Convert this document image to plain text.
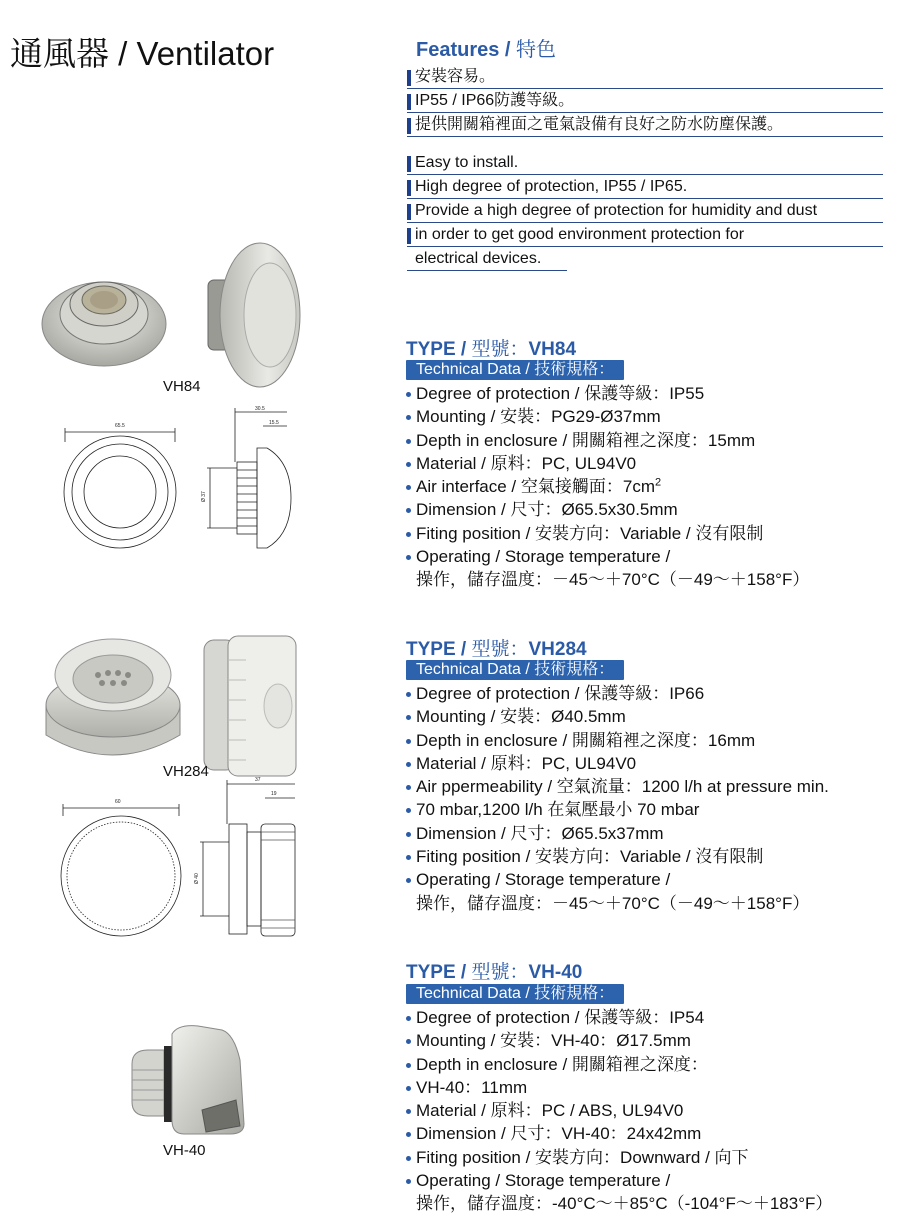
通風器 / Ventilator	Features / 特色
安裝容易。
IP55 / IP66防護等級。
提供開關箱裡面之電氣設備有良好之防水防塵保護。
Easy to install.
High degree of protection, IP55 / IP65.
Provide a high degree of protection for humidity and dust
in order to get good environment protection for
electrical devices.
TYPE / 型號：VH84
Technical Data / 技術規格：
Degree of protection / 保護等級：IP55
Mounting / 安裝：PG29-Ø37mm
Depth in enclosure / 開關箱裡之深度：15mm
Material / 原料：PC, UL94V0
Air interface / 空氣接觸面：$7cm^2$
Dimension / 尺寸：Ø65.5x30.5mm
Fiting position / 安裝方向：Variable / 沒有限制
Operating / Storage temperature /
操作，儲存溫度：－45～＋70°C（－49～＋158°F）
VH84
65.5
30.5
15.5
Ø 37
TYPE / 型號：VH284
Technical Data / 技術規格：
Degree of protection / 保護等級：IP66
Mounting / 安裝：Ø40.5mm
Depth in enclosure / 開關箱裡之深度：16mm
Material / 原料：PC, UL94V0
Air ppermeability / 空氣流量：1200 l/h at pressure min.
70 mbar,1200 l/h 在氣壓最小 70 mbar
Dimension / 尺寸：Ø65.5x37mm
Fiting position / 安裝方向：Variable / 沒有限制
Operating / Storage temperature /
操作，儲存溫度：－45～＋70°C（－49～＋158°F）
VH284
60
37
19
Ø 40
TYPE / 型號：VH-40
Technical Data / 技術規格：
Degree of protection / 保護等級：IP54
Mounting / 安裝：VH-40：Ø17.5mm
Depth in enclosure / 開關箱裡之深度：
VH-40：11mm
Material / 原料：PC / ABS, UL94V0
Dimension / 尺寸：VH-40：24x42mm
Fiting position / 安裝方向：Downward / 向下
Operating / Storage temperature /
操作，儲存溫度：-40°C～＋85°C（-104°F～＋183°F）
VH-40
